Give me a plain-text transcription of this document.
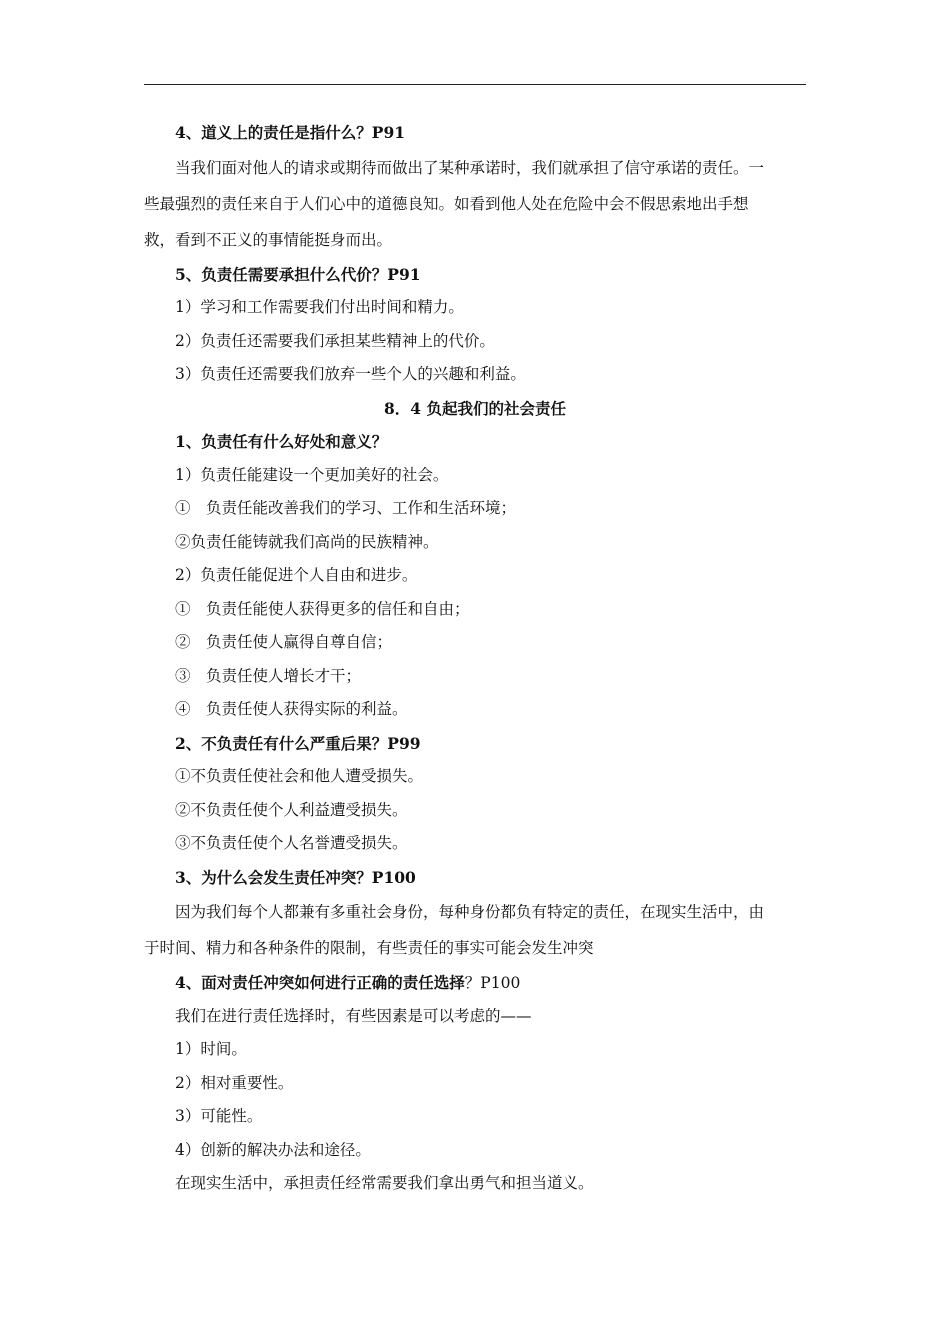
4、道义上的责任是指什么？P91
当我们面对他人的请求或期待而做出了某种承诺时，我们就承担了信守承诺的责任。一
些最强烈的责任来自于人们心中的道德良知。如看到他人处在危险中会不假思索地出手想
救，看到不正义的事情能挺身而出。
5、负责任需要承担什么代价？P91
1）学习和工作需要我们付出时间和精力。
2）负责任还需要我们承担某些精神上的代价。
3）负责任还需要我们放弃一些个人的兴趣和利益。
8．4 负起我们的社会责任
1、负责任有什么好处和意义？
1）负责任能建设一个更加美好的社会。
①　负责任能改善我们的学习、工作和生活环境；
②负责任能铸就我们高尚的民族精神。
2）负责任能促进个人自由和进步。
①　负责任能使人获得更多的信任和自由；
②　负责任使人赢得自尊自信；
③　负责任使人增长才干；
④　负责任使人获得实际的利益。
2、不负责任有什么严重后果？P99
①不负责任使社会和他人遭受损失。
②不负责任使个人利益遭受损失。
③不负责任使个人名誉遭受损失。
3、为什么会发生责任冲突？P100
因为我们每个人都兼有多重社会身份，每种身份都负有特定的责任，在现实生活中，由
于时间、精力和各种条件的限制，有些责任的事实可能会发生冲突
4、面对责任冲突如何进行正确的责任选择？P100
我们在进行责任选择时，有些因素是可以考虑的——
1）时间。
2）相对重要性。
3）可能性。
4）创新的解决办法和途径。
在现实生活中，承担责任经常需要我们拿出勇气和担当道义。
